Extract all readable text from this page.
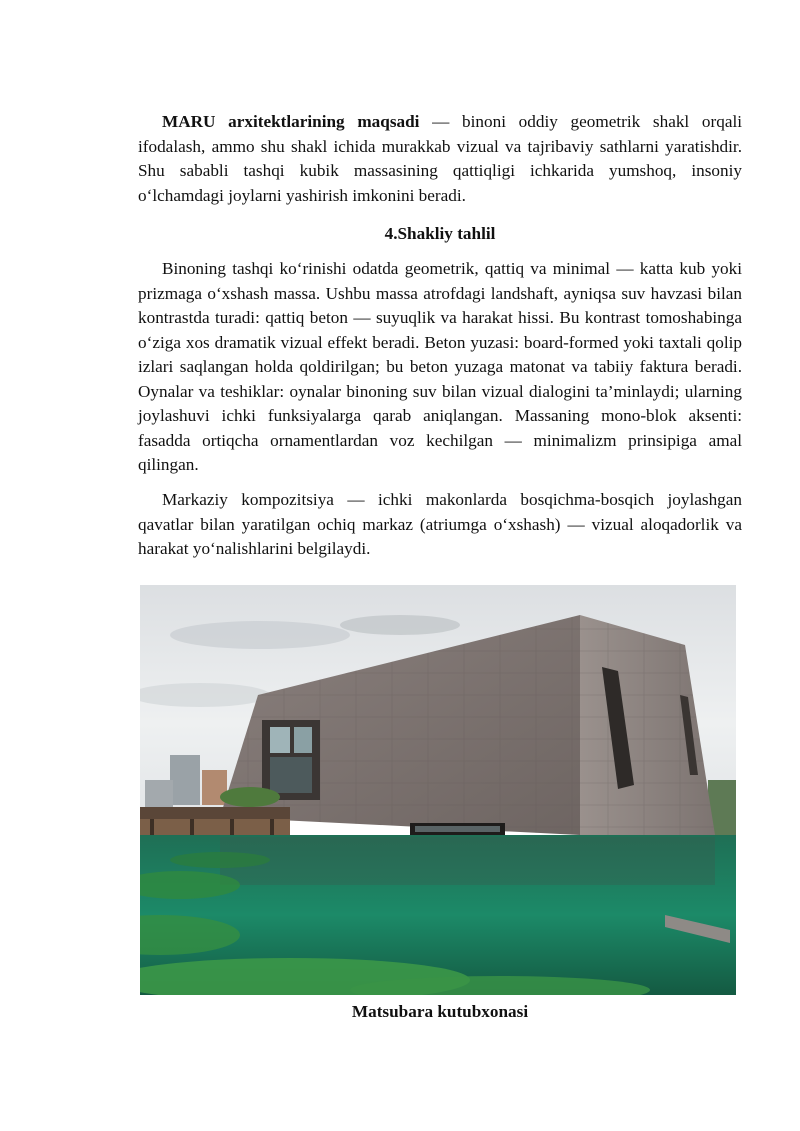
MARU arxitektlarining maqsadi — binoni oddiy geometrik shakl orqali ifodalash, ammo shu shakl ichida murakkab vizual va tajribaviy sathlarni yaratishdir. Shu sababli tashqi kubik massasining qattiqligi ichkarida yumshoq, insoniy o‘lchamdagi joylarni yashirish imkonini beradi.

4.Shakliy tahlil

Binoning tashqi ko‘rinishi odatda geometrik, qattiq va minimal — katta kub yoki prizmaga o‘xshash massa. Ushbu massa atrofdagi landshaft, ayniqsa suv havzasi bilan kontrastda turadi: qattiq beton — suyuqlik va harakat hissi. Bu kontrast tomoshabinga o‘ziga xos dramatik vizual effekt beradi. Beton yuzasi: board-formed yoki taxtali qolip izlari saqlangan holda qoldirilgan; bu beton yuzaga matonat va tabiiy faktura beradi. Oynalar va teshiklar: oynalar binoning suv bilan vizual dialogini ta’minlaydi; ularning joylashuvi ichki funksiyalarga qarab aniqlangan. Massaning mono-blok aksenti: fasadda ortiqcha ornamentlardan voz kechilgan — minimalizm prinsipiga amal qilingan.

Markaziy kompozitsiya — ichki makonlarda bosqichma-bosqich joylashgan qavatlar bilan yaratilgan ochiq markaz (atriumga o‘xshash) — vizual aloqadorlik va harakat yo‘nalishlarini belgilaydi.

Matsubara kutubxonasi
